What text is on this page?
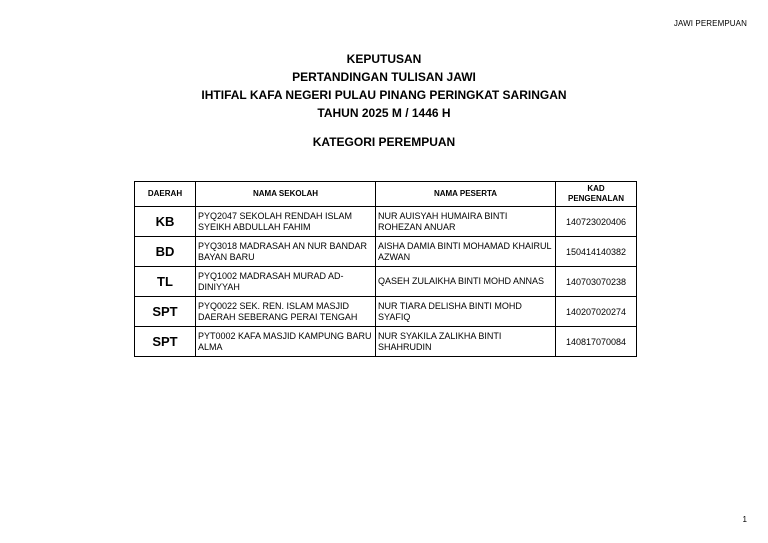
JAWI PEREMPUAN
KEPUTUSAN
PERTANDINGAN TULISAN JAWI
IHTIFAL KAFA NEGERI PULAU PINANG PERINGKAT SARINGAN
TAHUN 2025 M / 1446 H
KATEGORI PEREMPUAN
DAERAH	NAMA SEKOLAH	NAMA PESERTA	KAD
PENGENALAN
KB	PYQ2047 SEKOLAH RENDAH ISLAM SYEIKH ABDULLAH FAHIM	NUR AUISYAH HUMAIRA BINTI ROHEZAN ANUAR	140723020406
BD	PYQ3018 MADRASAH AN NUR BANDAR BAYAN BARU	AISHA DAMIA BINTI MOHAMAD KHAIRUL AZWAN	150414140382
TL	PYQ1002 MADRASAH MURAD AD-DINIYYAH	QASEH ZULAIKHA BINTI MOHD ANNAS	140703070238
SPT	PYQ0022 SEK. REN. ISLAM MASJID DAERAH SEBERANG PERAI TENGAH	NUR TIARA DELISHA BINTI MOHD SYAFIQ	140207020274
SPT	PYT0002 KAFA MASJID KAMPUNG BARU ALMA	NUR SYAKILA ZALIKHA BINTI SHAHRUDIN	140817070084
1
